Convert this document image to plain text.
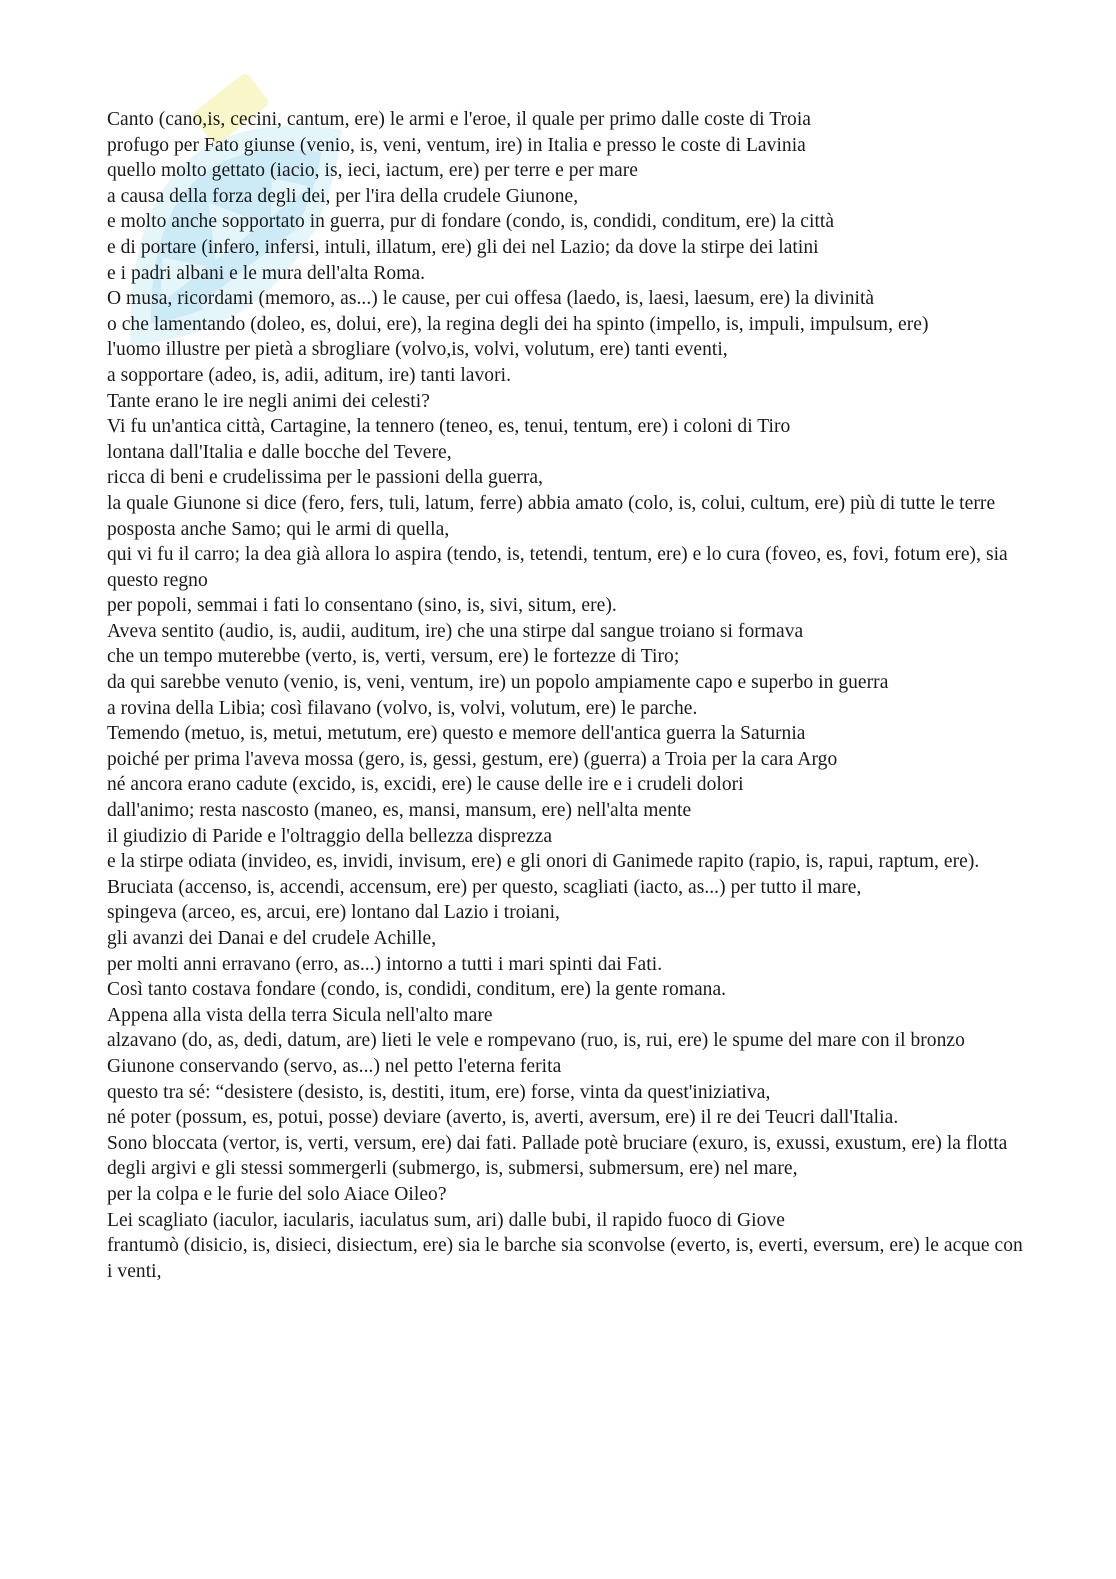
Canto (cano,is, cecini, cantum, ere) le armi e l'eroe, il quale per primo dalle coste di Troia

profugo per Fato giunse (venio, is, veni, ventum, ire) in Italia e presso le coste di Lavinia

quello molto gettato (iacio, is, ieci, iactum, ere) per terre e per mare

a causa della forza degli dei, per l'ira della crudele Giunone,

e molto anche sopportato in guerra, pur di fondare (condo, is, condidi, conditum, ere) la città

e di portare (infero, infersi, intuli, illatum, ere) gli dei nel Lazio; da dove la stirpe dei latini

e i padri albani e le mura dell'alta Roma.

O musa, ricordami (memoro, as...) le cause, per cui offesa (laedo, is, laesi, laesum, ere) la divinità

o che lamentando (doleo, es, dolui, ere), la regina degli dei ha spinto (impello, is, impuli, impulsum, ere)

l'uomo illustre per pietà a sbrogliare (volvo,is, volvi, volutum, ere) tanti eventi,

a sopportare (adeo, is, adii, aditum, ire) tanti lavori.

Tante erano le ire negli animi dei celesti?

Vi fu un'antica città, Cartagine, la tennero (teneo, es, tenui, tentum, ere) i coloni di Tiro

lontana dall'Italia e dalle bocche del Tevere,

ricca di beni e crudelissima per le passioni della guerra,

la quale Giunone si dice (fero, fers, tuli, latum, ferre) abbia amato (colo, is, colui, cultum, ere) più di tutte le terre

posposta anche Samo; qui le armi di quella,

qui vi fu il carro; la dea già allora lo aspira (tendo, is, tetendi, tentum, ere) e lo cura (foveo, es, fovi, fotum ere), sia questo regno

per popoli, semmai i fati lo consentano (sino, is, sivi, situm, ere).

Aveva sentito (audio, is, audii, auditum, ire) che una stirpe dal sangue troiano si formava

che un tempo muterebbe (verto, is, verti, versum, ere) le fortezze di Tiro;

da qui sarebbe venuto (venio, is, veni, ventum, ire) un popolo ampiamente capo e superbo in guerra

a rovina della Libia; così filavano (volvo, is, volvi, volutum, ere) le parche.

Temendo (metuo, is, metui, metutum, ere) questo e memore dell'antica guerra la Saturnia

poiché per prima l'aveva mossa (gero, is, gessi, gestum, ere) (guerra) a Troia per la cara Argo

né ancora erano cadute (excido, is, excidi, ere) le cause delle ire e i crudeli dolori

dall'animo; resta nascosto (maneo, es, mansi, mansum, ere) nell'alta mente

il giudizio di Paride e l'oltraggio della bellezza disprezza

e la stirpe odiata (invideo, es, invidi, invisum, ere) e gli onori di Ganimede rapito (rapio, is, rapui, raptum, ere).

Bruciata (accenso, is, accendi, accensum, ere) per questo, scagliati (iacto, as...) per tutto il mare,

spingeva (arceo, es, arcui, ere) lontano dal Lazio i troiani,

gli avanzi dei Danai e del crudele Achille,

per molti anni erravano (erro, as...) intorno a tutti i mari spinti dai Fati.

Così tanto costava fondare (condo, is, condidi, conditum, ere) la gente romana.

Appena alla vista della terra Sicula nell'alto mare

alzavano (do, as, dedi, datum, are) lieti le vele e rompevano (ruo, is, rui, ere) le spume del mare con il bronzo

Giunone conservando (servo, as...) nel petto l'eterna ferita

questo tra sé: “desistere (desisto, is, destiti, itum, ere) forse, vinta da quest'iniziativa,

né poter (possum, es, potui, posse) deviare (averto, is, averti, aversum, ere) il re dei Teucri dall'Italia.

Sono bloccata (vertor, is, verti, versum, ere) dai fati. Pallade potè bruciare (exuro, is, exussi, exustum, ere) la flotta

degli argivi e gli stessi sommergerli (submergo, is, submersi, submersum, ere) nel mare,

per la colpa e le furie del solo Aiace Oileo?

Lei scagliato (iaculor, iacularis, iaculatus sum, ari) dalle bubi, il rapido fuoco di Giove

frantumò (disicio, is, disieci, disiectum, ere) sia le barche sia sconvolse (everto, is, everti, eversum, ere) le acque con i venti,
